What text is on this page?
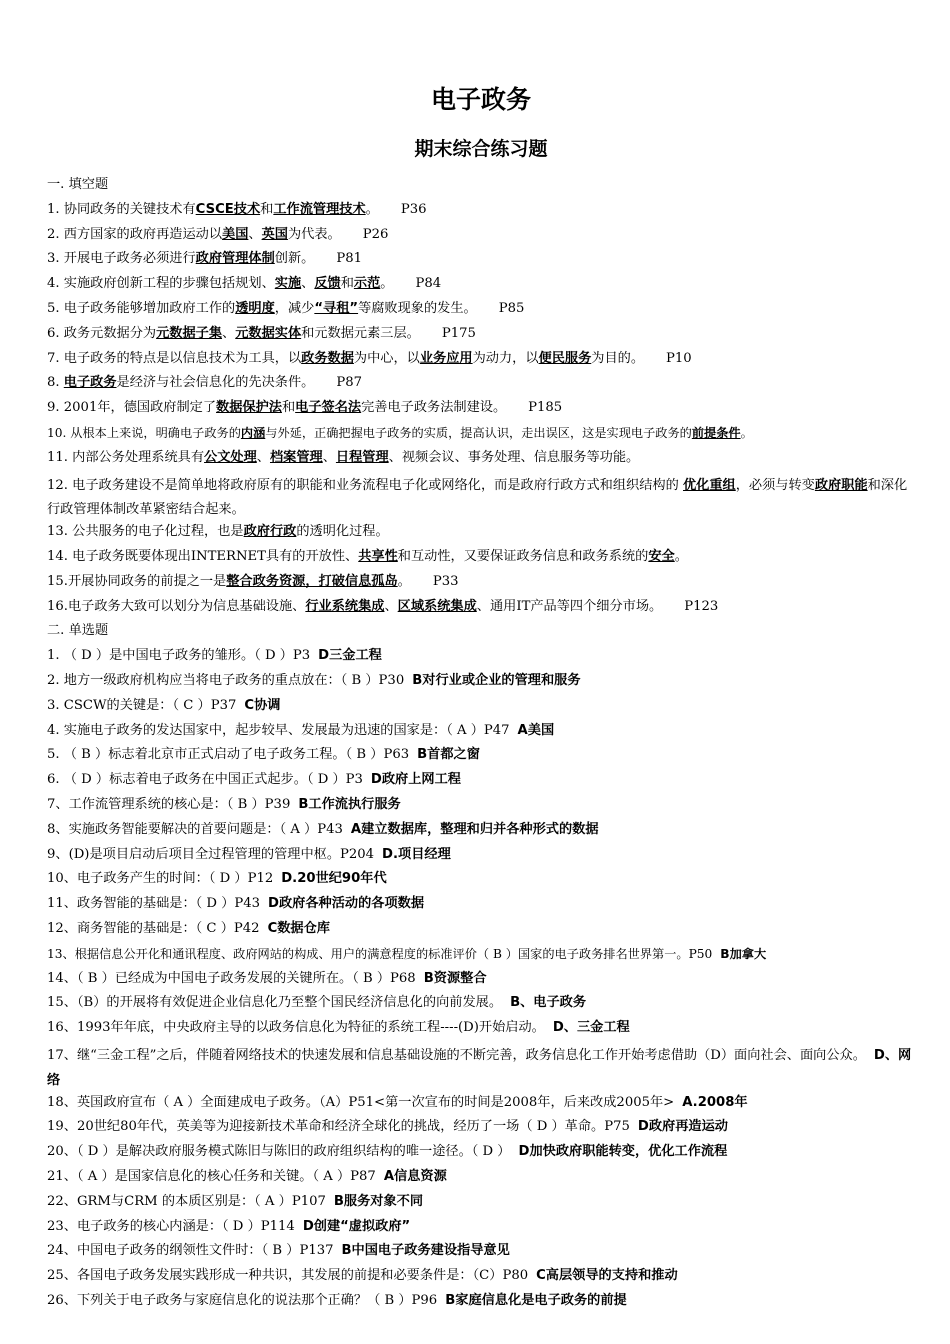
电子政务
期末综合练习题
一. 填空题
1. 协同政务的关键技术有CSCE技术和工作流管理技术。 P36
2. 西方国家的政府再造运动以美国、英国为代表。 P26
3. 开展电子政务必须进行政府管理体制创新。 P81
4. 实施政府创新工程的步骤包括规划、实施、反馈和示范。 P84
5. 电子政务能够增加政府工作的透明度，减少“寻租”等腐败现象的发生。 P85
6. 政务元数据分为元数据子集、元数据实体和元数据元素三层。 P175
7. 电子政务的特点是以信息技术为工具，以政务数据为中心，以业务应用为动力，以便民服务为目的。 P10
8. 电子政务是经济与社会信息化的先决条件。 P87
9. 2001年，德国政府制定了数据保护法和电子签名法完善电子政务法制建设。 P185
10. 从根本上来说，明确电子政务的内涵与外延，正确把握电子政务的实质，提高认识，走出误区，这是实现电子政务的前提条件。
11. 内部公务处理系统具有公文处理、档案管理、日程管理、视频会议、事务处理、信息服务等功能。
12. 电子政务建设不是简单地将政府原有的职能和业务流程电子化或网络化，而是政府行政方式和组织结构的 优化重组，必须与转变政府职能和深化行政管理体制改革紧密结合起来。
13. 公共服务的电子化过程，也是政府行政的透明化过程。
14. 电子政务既要体现出INTERNET具有的开放性、共享性和互动性，又要保证政务信息和政务系统的安全。
15.开展协同政务的前提之一是整合政务资源，打破信息孤岛。 P33
16.电子政务大致可以划分为信息基础设施、行业系统集成、区域系统集成、通用IT产品等四个细分市场。 P123
二. 单选题
1. （ D ）是中国电子政务的雏形。（ D ）P3 D三金工程
2. 地方一级政府机构应当将电子政务的重点放在：（ B ）P30 B对行业或企业的管理和服务
3. CSCW的关键是：（ C ）P37 C协调
4. 实施电子政务的发达国家中，起步较早、发展最为迅速的国家是：（ A ）P47 A美国
5. （ B ）标志着北京市正式启动了电子政务工程。（ B ）P63 B首都之窗
6. （ D ）标志着电子政务在中国正式起步。（ D ）P3 D政府上网工程
7、工作流管理系统的核心是：（ B ）P39 B工作流执行服务
8、实施政务智能要解决的首要问题是：（ A ）P43 A建立数据库，整理和归并各种形式的数据
9、(D)是项目启动后项目全过程管理的管理中枢。P204 D.项目经理
10、电子政务产生的时间：（ D ）P12 D.20世纪90年代
11、政务智能的基础是：（ D ）P43 D政府各种活动的各项数据
12、商务智能的基础是：（ C ）P42 C数据仓库
13、根据信息公开化和通讯程度、政府网站的构成、用户的满意程度的标准评价（ B ）国家的电子政务排名世界第一。P50 B加拿大
14、（ B ）已经成为中国电子政务发展的关键所在。（ B ）P68 B资源整合
15、（B）的开展将有效促进企业信息化乃至整个国民经济信息化的向前发展。 B、电子政务
16、1993年年底，中央政府主导的以政务信息化为特征的系统工程----(D)开始启动。 D、三金工程
17、继“三金工程”之后，伴随着网络技术的快速发展和信息基础设施的不断完善，政务信息化工作开始考虑借助（D）面向社会、面向公众。 D、网络
18、英国政府宣布（ A ）全面建成电子政务。（A）P51<第一次宣布的时间是2008年，后来改成2005年> A.2008年
19、20世纪80年代，英美等为迎接新技术革命和经济全球化的挑战，经历了一场（ D ）革命。P75 D政府再造运动
20、（ D ）是解决政府服务模式陈旧与陈旧的政府组织结构的唯一途径。（ D ） D加快政府职能转变，优化工作流程
21、（ A ）是国家信息化的核心任务和关键。（ A ）P87 A信息资源
22、GRM与CRM 的本质区别是：（ A ）P107 B服务对象不同
23、电子政务的核心内涵是：（ D ）P114 D创建“虚拟政府”
24、中国电子政务的纲领性文件时：（ B ）P137 B中国电子政务建设指导意见
25、各国电子政务发展实践形成一种共识，其发展的前提和必要条件是：（C）P80 C高层领导的支持和推动
26、下列关于电子政务与家庭信息化的说法那个正确？（ B ）P96 B家庭信息化是电子政务的前提
